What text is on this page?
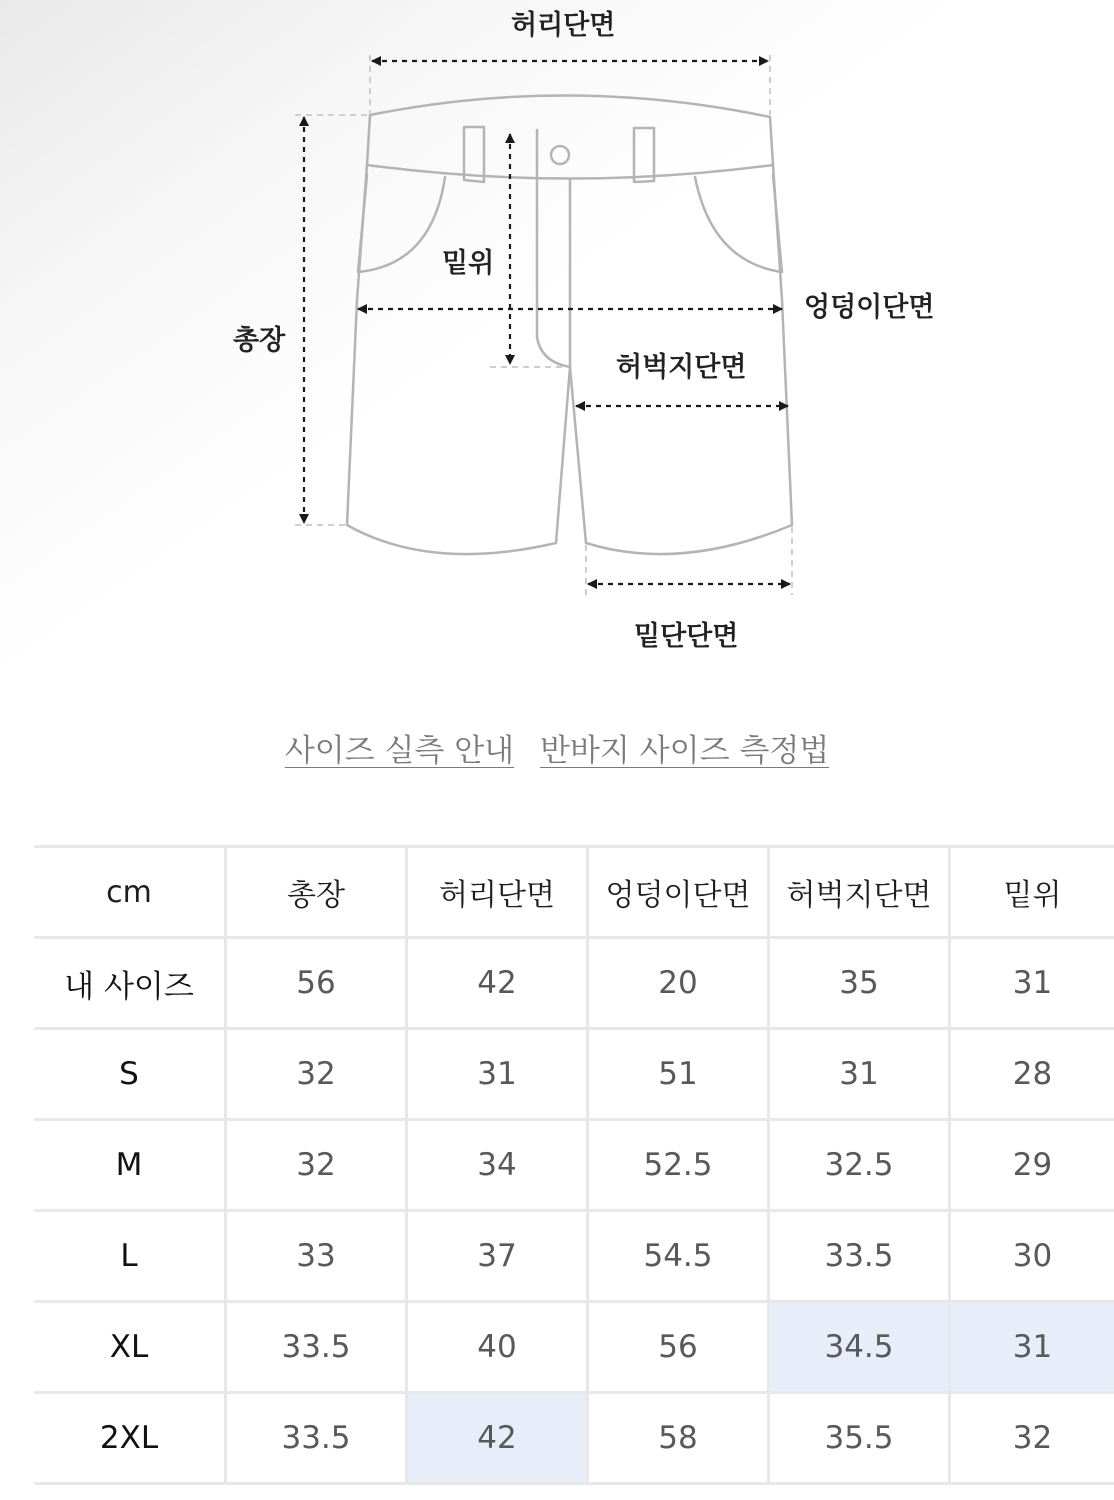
허리단면
밑위
총장
엉덩이단면
허벅지단면
밑단단면
사이즈 실측 안내 반바지 사이즈 측정법
cm	총장	허리단면	엉덩이단면	허벅지단면	밑위
내 사이즈	56	42	20	35	31
S	32	31	51	31	28
M	32	34	52.5	32.5	29
L	33	37	54.5	33.5	30
XL	33.5	40	56	34.5	31
2XL	33.5	42	58	35.5	32
